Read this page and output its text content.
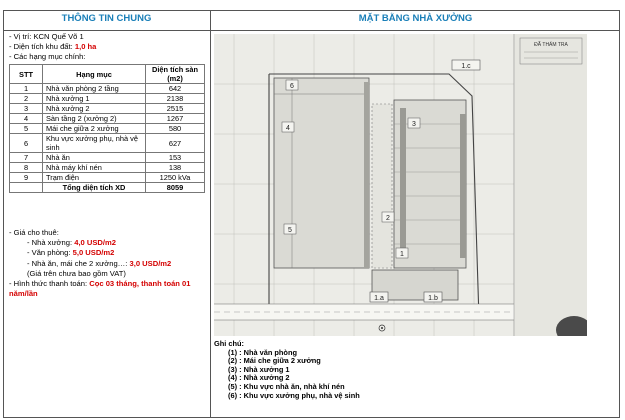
THÔNG TIN CHUNG	MẶT BẰNG NHÀ XƯỞNG
- Vị trí: KCN Quế Võ 1
- Diện tích khu đất: 1,0 ha
- Các hạng mục chính:
STT	Hạng mục	Diện tích sàn (m2)
1	Nhà văn phòng 2 tầng	642
2	Nhà xưởng 1	2138
3	Nhà xưởng 2	2515
4	Sàn tầng 2 (xưởng 2)	1267
5	Mái che giữa 2 xưởng	580
6	Khu vực xưởng phụ, nhà vệ sinh	627
7	Nhà ăn	153
8	Nhà máy khí nén	138
9	Trạm điện	1250 kVa
	Tổng diện tích XD	8059
- Giá cho thuê:
- Nhà xưởng: 4,0 USD/m2
- Văn phòng: 5,0 USD/m2
- Nhà ăn, mái che 2 xưởng…: 3,0 USD/m2
(Giá trên chưa bao gồm VAT)
- Hình thức thanh toán: Cọc 03 tháng, thanh toán 01 năm/lần
ĐÃ THẨM TRA
1
2
3
4
5
6
1.a	1.b
1.c
Ghi chú:
(1) : Nhà văn phòng
(2) : Mái che giữa 2 xưởng
(3) : Nhà xưởng 1
(4) : Nhà xưởng 2
(5) : Khu vực nhà ăn, nhà khí nén
(6) : Khu vực xưởng phụ, nhà vệ sinh
